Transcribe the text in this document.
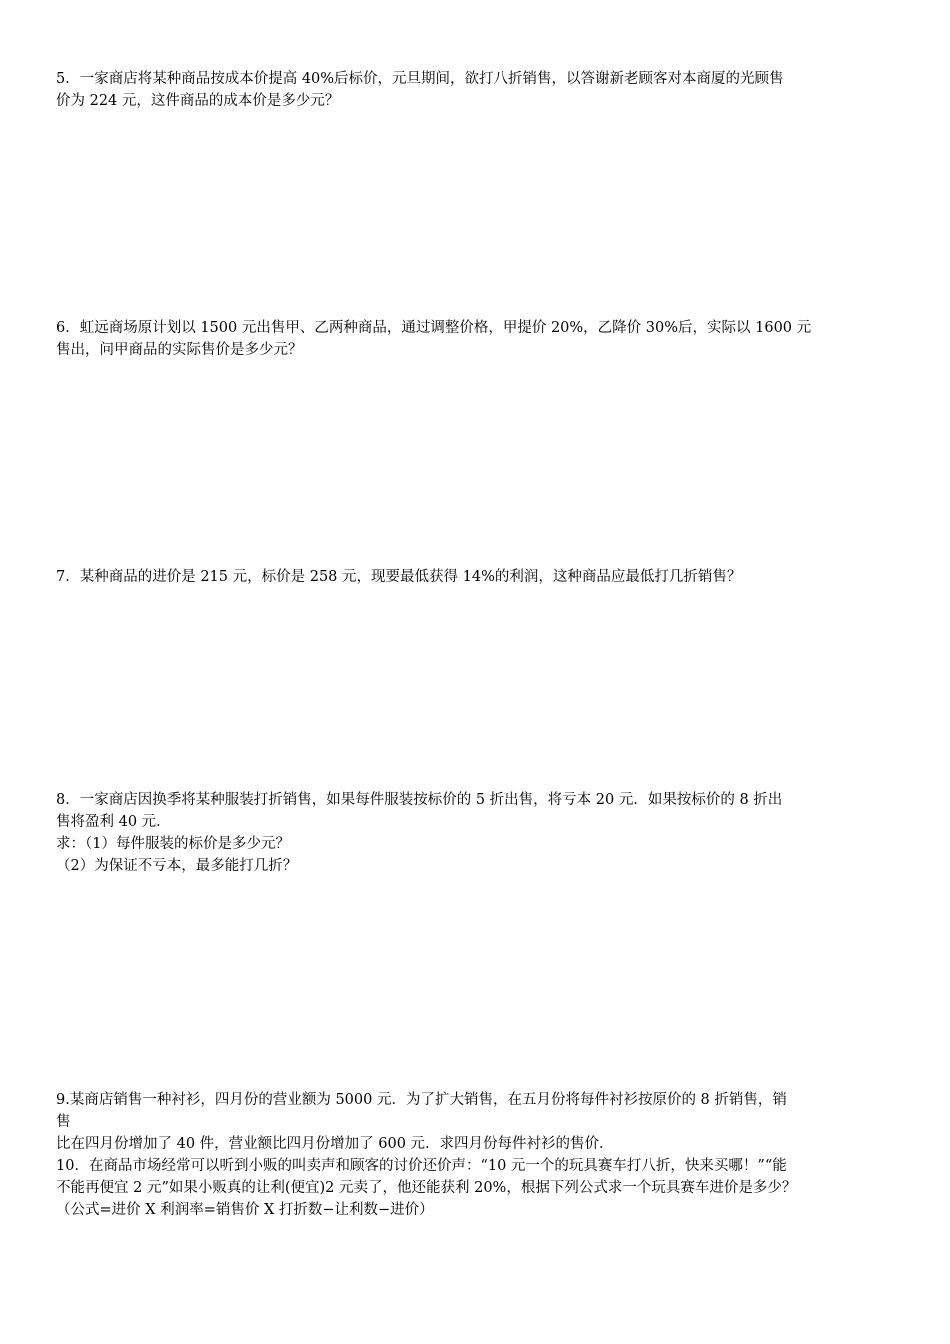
5．一家商店将某种商品按成本价提高 40%后标价，元旦期间，欲打八折销售，以答谢新老顾客对本商厦的光顾售
价为 224 元，这件商品的成本价是多少元？
6．虹远商场原计划以 1500 元出售甲、乙两种商品，通过调整价格，甲提价 20%，乙降价 30%后，实际以 1600 元
售出，问甲商品的实际售价是多少元？
7．某种商品的进价是 215 元，标价是 258 元，现要最低获得 14%的利润，这种商品应最低打几折销售？
8．一家商店因换季将某种服装打折销售，如果每件服装按标价的 5 折出售，将亏本 20 元．如果按标价的 8 折出
售将盈利 40 元．
求：（1）每件服装的标价是多少元？
（2）为保证不亏本，最多能打几折？
9.某商店销售一种衬衫，四月份的营业额为 5000 元．为了扩大销售，在五月份将每件衬衫按原价的 8 折销售，销
售
比在四月份增加了 40 件，营业额比四月份增加了 600 元．求四月份每件衬衫的售价．
10．在商品市场经常可以听到小贩的叫卖声和顾客的讨价还价声：“10 元一个的玩具赛车打八折，快来买哪！”“能
不能再便宜 2 元”如果小贩真的让利(便宜)2 元卖了，他还能获利 20%，根据下列公式求一个玩具赛车进价是多少？
（公式=进价 X 利润率=销售价 X 打折数−让利数−进价）
